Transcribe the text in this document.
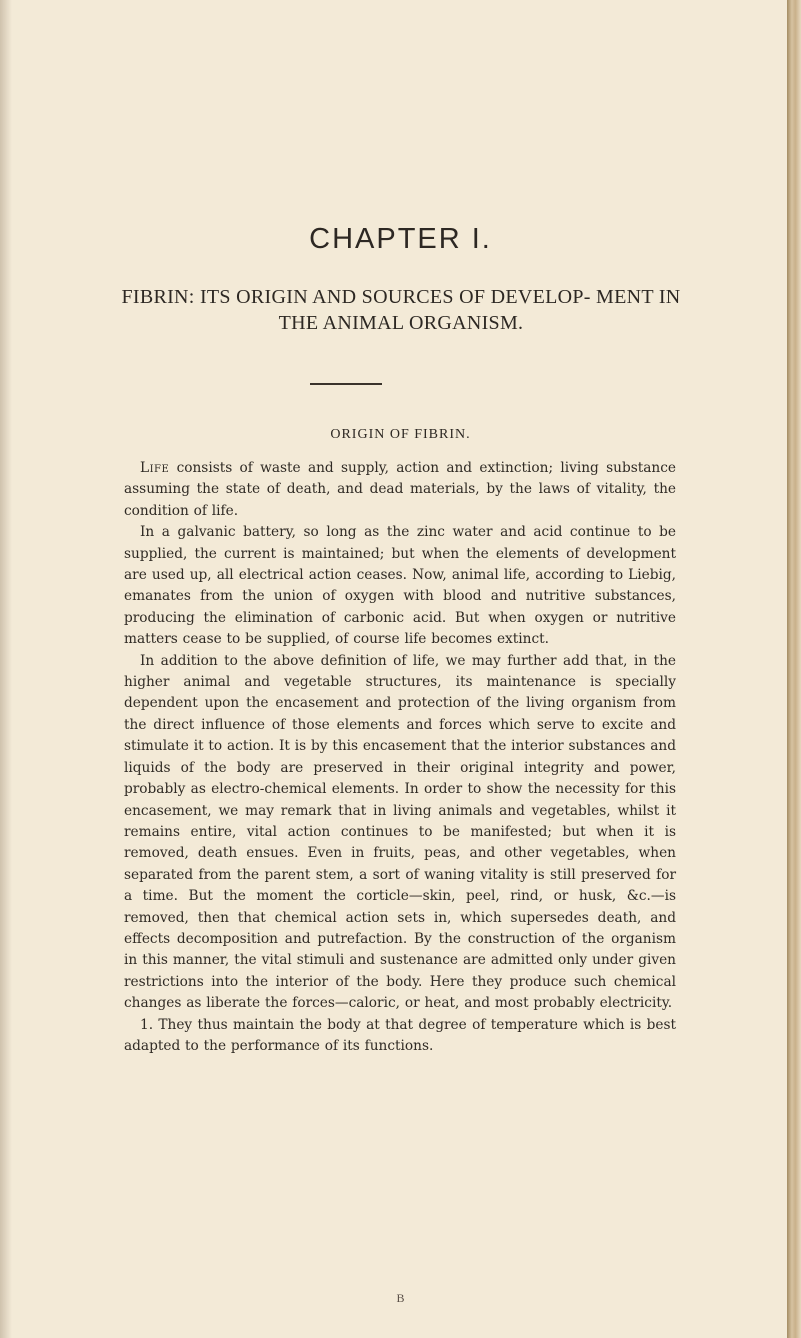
CHAPTER I.
FIBRIN: ITS ORIGIN AND SOURCES OF DEVELOP- MENT IN THE ANIMAL ORGANISM.
ORIGIN OF FIBRIN.

Life consists of waste and supply, action and extinction; living substance assuming the state of death, and dead materials, by the laws of vitality, the condition of life.

In a galvanic battery, so long as the zinc water and acid continue to be supplied, the current is maintained; but when the elements of development are used up, all electrical action ceases. Now, animal life, according to Liebig, emanates from the union of oxygen with blood and nutritive substances, producing the elimination of carbonic acid. But when oxygen or nutritive matters cease to be supplied, of course life becomes extinct.

In addition to the above definition of life, we may further add that, in the higher animal and vegetable structures, its maintenance is specially dependent upon the encasement and protection of the living organism from the direct influence of those elements and forces which serve to excite and stimulate it to action. It is by this encasement that the interior substances and liquids of the body are preserved in their original integrity and power, probably as electro-chemical elements. In order to show the necessity for this encasement, we may remark that in living animals and vegetables, whilst it remains entire, vital action continues to be manifested; but when it is removed, death ensues. Even in fruits, peas, and other vegetables, when separated from the parent stem, a sort of waning vitality is still preserved for a time. But the moment the corticle—skin, peel, rind, or husk, &c.—is removed, then that chemical action sets in, which supersedes death, and effects decomposition and putrefaction. By the construction of the organism in this manner, the vital stimuli and sustenance are admitted only under given restrictions into the interior of the body. Here they produce such chemical changes as liberate the forces—caloric, or heat, and most probably electricity.

1. They thus maintain the body at that degree of temperature which is best adapted to the performance of its functions.

B
